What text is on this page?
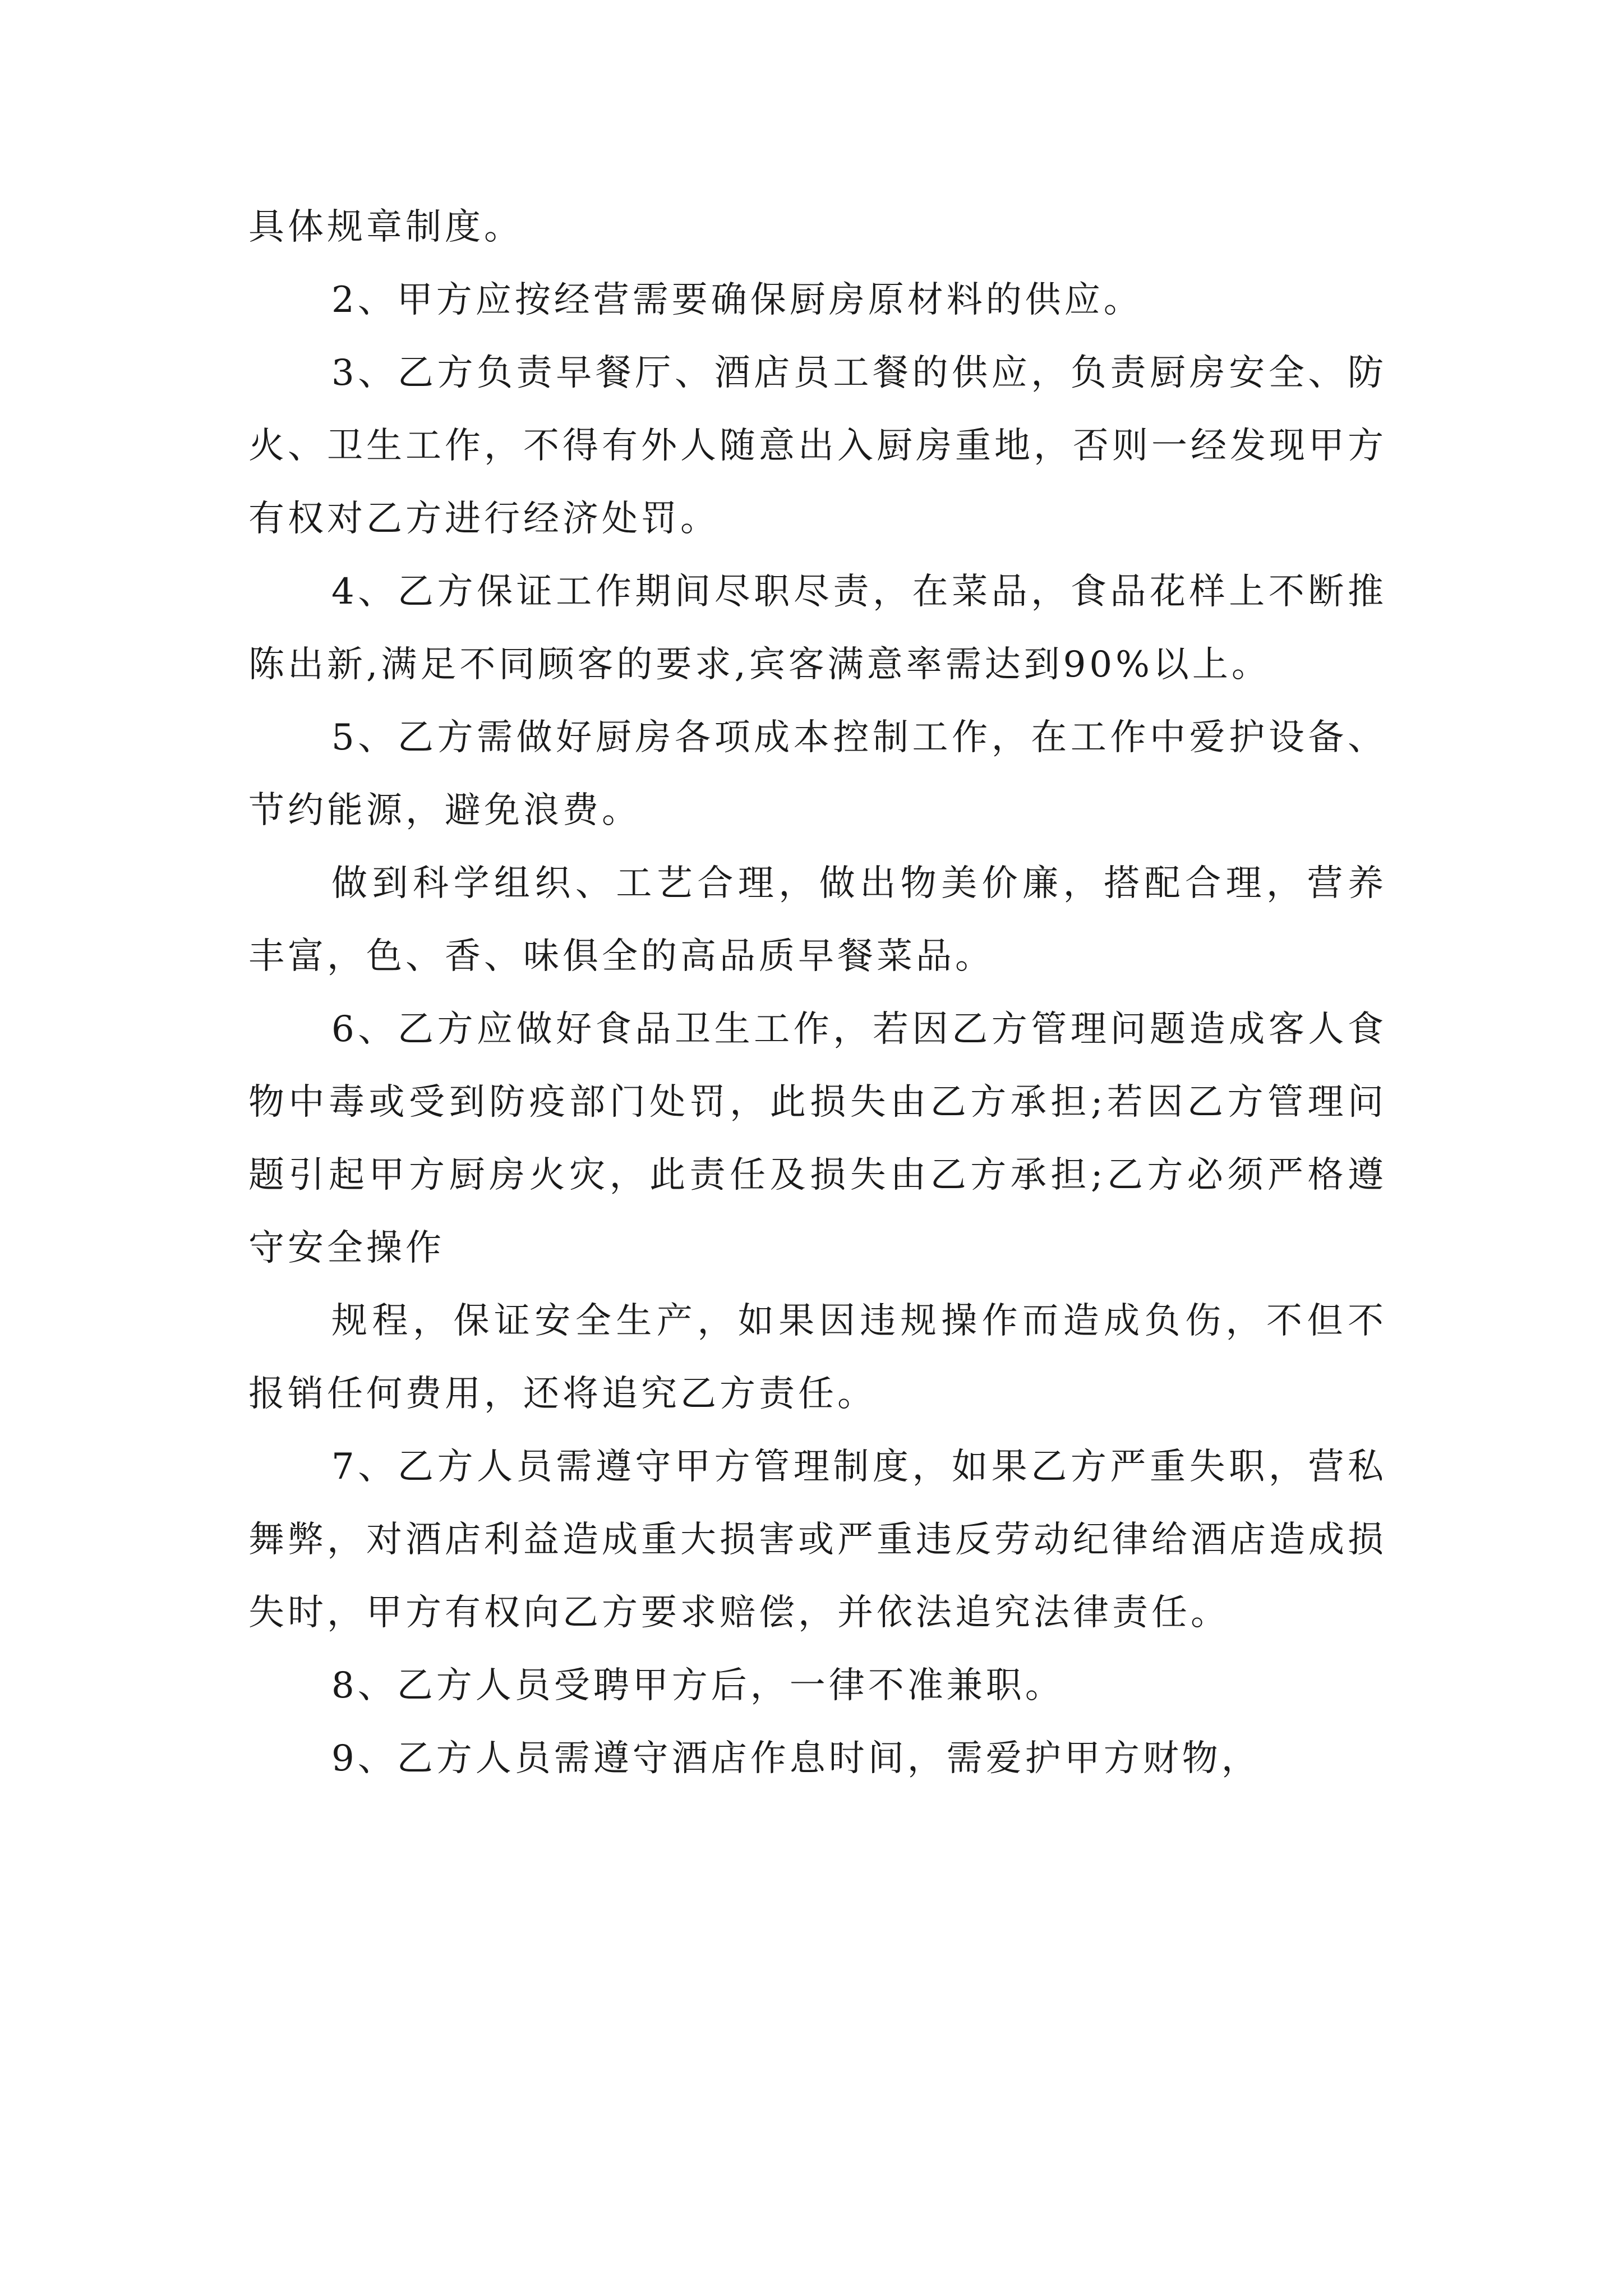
具体规章制度。

2、甲方应按经营需要确保厨房原材料的供应。

3、乙方负责早餐厅、酒店员工餐的供应，负责厨房安全、防火、卫生工作，不得有外人随意出入厨房重地，否则一经发现甲方有权对乙方进行经济处罚。

4、乙方保证工作期间尽职尽责，在菜品，食品花样上不断推陈出新,满足不同顾客的要求,宾客满意率需达到90%以上。

5、乙方需做好厨房各项成本控制工作，在工作中爱护设备、节约能源，避免浪费。

做到科学组织、工艺合理，做出物美价廉，搭配合理，营养丰富，色、香、味俱全的高品质早餐菜品。

6、乙方应做好食品卫生工作，若因乙方管理问题造成客人食物中毒或受到防疫部门处罚，此损失由乙方承担;若因乙方管理问题引起甲方厨房火灾，此责任及损失由乙方承担;乙方必须严格遵守安全操作

规程，保证安全生产，如果因违规操作而造成负伤，不但不报销任何费用，还将追究乙方责任。

7、乙方人员需遵守甲方管理制度，如果乙方严重失职，营私舞弊，对酒店利益造成重大损害或严重违反劳动纪律给酒店造成损失时，甲方有权向乙方要求赔偿，并依法追究法律责任。

8、乙方人员受聘甲方后，一律不准兼职。

9、乙方人员需遵守酒店作息时间，需爱护甲方财物，
